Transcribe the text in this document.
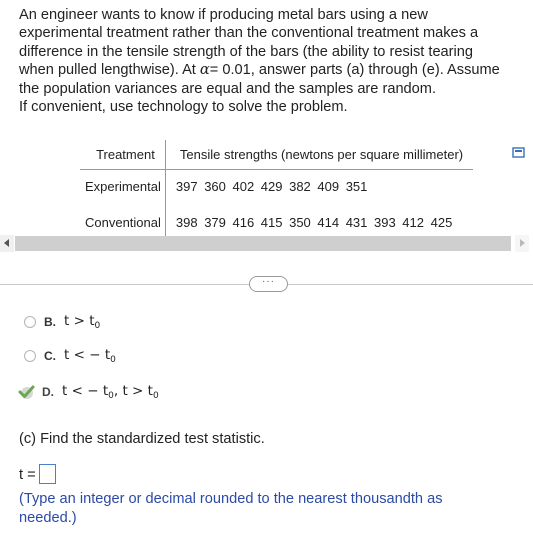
An engineer wants to know if producing metal bars using a new

experimental treatment rather than the conventional treatment makes a

difference in the tensile strength of the bars (the ability to resist tearing

when pulled lengthwise). At α= 0.01, answer parts (a) through (e). Assume

the population variances are equal and the samples are random.

If convenient, use technology to solve the problem.

Treatment	Tensile strengths (newtons per square millimeter)
Experimental	397 360 402 429 382 409 351
Conventional	398 379 416 415 350 414 431 393 412 425
···
B. $t > t_0$
C. t < − $t_0$
D. t < − $t_0$, $t > t_0$
(c) Find the standardized test statistic.
t =
(Type an integer or decimal rounded to the nearest thousandth as needed.)
